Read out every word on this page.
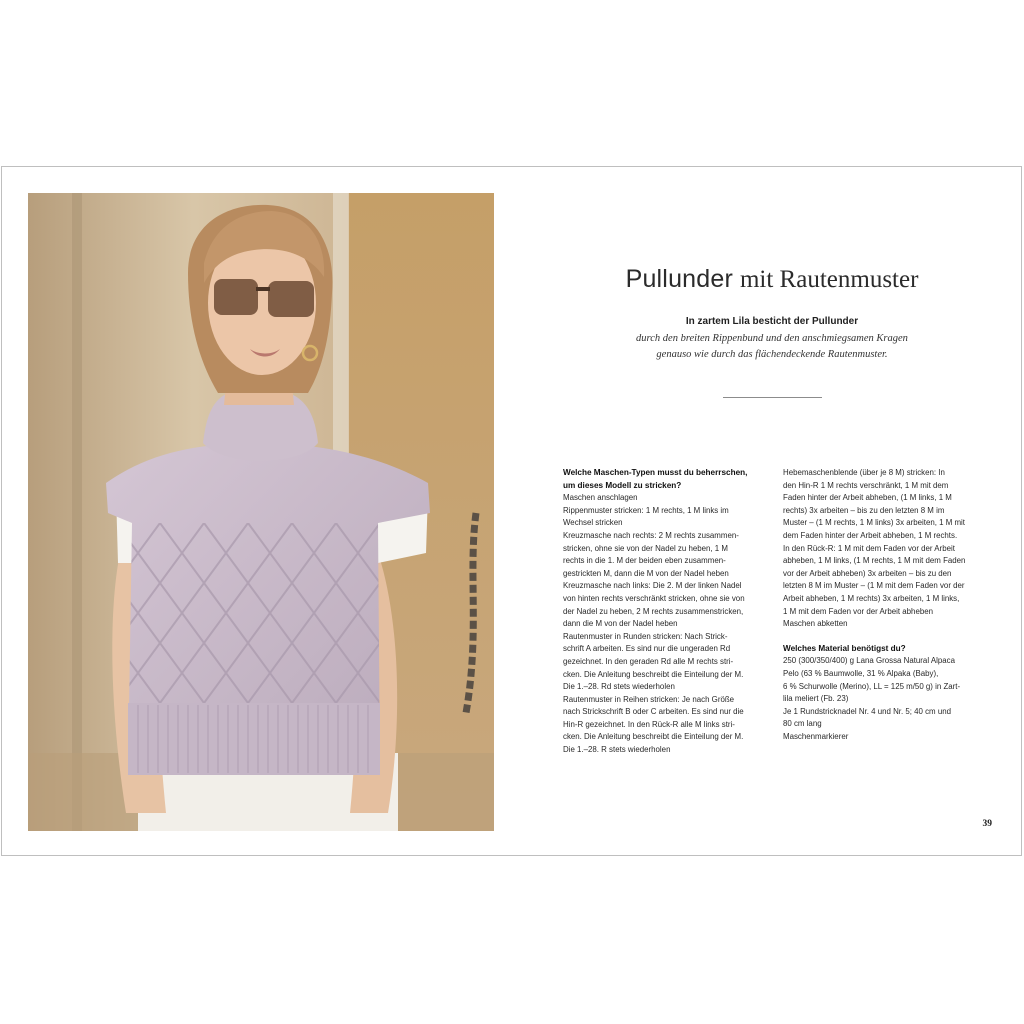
Pullunder mit Rautenmuster
In zartem Lila besticht der Pullunder
durch den breiten Rippenbund und den anschmiegsamen Kragen
genauso wie durch das flächendeckende Rautenmuster.
Welche Maschen-Typen musst du beherrschen,
um dieses Modell zu stricken?
Maschen anschlagen
Rippenmuster stricken: 1 M rechts, 1 M links im
Wechsel stricken
Kreuzmasche nach rechts: 2 M rechts zusammen-
stricken, ohne sie von der Nadel zu heben, 1 M
rechts in die 1. M der beiden eben zusammen-
gestrickten M, dann die M von der Nadel heben
Kreuzmasche nach links: Die 2. M der linken Nadel
von hinten rechts verschränkt stricken, ohne sie von
der Nadel zu heben, 2 M rechts zusammenstricken,
dann die M von der Nadel heben
Rautenmuster in Runden stricken: Nach Strick-
schrift A arbeiten. Es sind nur die ungeraden Rd
gezeichnet. In den geraden Rd alle M rechts stri-
cken. Die Anleitung beschreibt die Einteilung der M.
Die 1.–28. Rd stets wiederholen
Rautenmuster in Reihen stricken: Je nach Größe
nach Strickschrift B oder C arbeiten. Es sind nur die
Hin-R gezeichnet. In den Rück-R alle M links stri-
cken. Die Anleitung beschreibt die Einteilung der M.
Die 1.–28. R stets wiederholen
Hebemaschenblende (über je 8 M) stricken: In
den Hin-R 1 M rechts verschränkt, 1 M mit dem
Faden hinter der Arbeit abheben, (1 M links, 1 M
rechts) 3x arbeiten – bis zu den letzten 8 M im
Muster – (1 M rechts, 1 M links) 3x arbeiten, 1 M mit
dem Faden hinter der Arbeit abheben, 1 M rechts.
In den Rück-R: 1 M mit dem Faden vor der Arbeit
abheben, 1 M links, (1 M rechts, 1 M mit dem Faden
vor der Arbeit abheben) 3x arbeiten – bis zu den
letzten 8 M im Muster – (1 M mit dem Faden vor der
Arbeit abheben, 1 M rechts) 3x arbeiten, 1 M links,
1 M mit dem Faden vor der Arbeit abheben
Maschen abketten
Welches Material benötigst du?
250 (300/350/400) g Lana Grossa Natural Alpaca
Pelo (63 % Baumwolle, 31 % Alpaka (Baby),
6 % Schurwolle (Merino), LL = 125 m/50 g) in Zart-
lila meliert (Fb. 23)
Je 1 Rundstricknadel Nr. 4 und Nr. 5; 40 cm und
80 cm lang
Maschenmarkierer
39
